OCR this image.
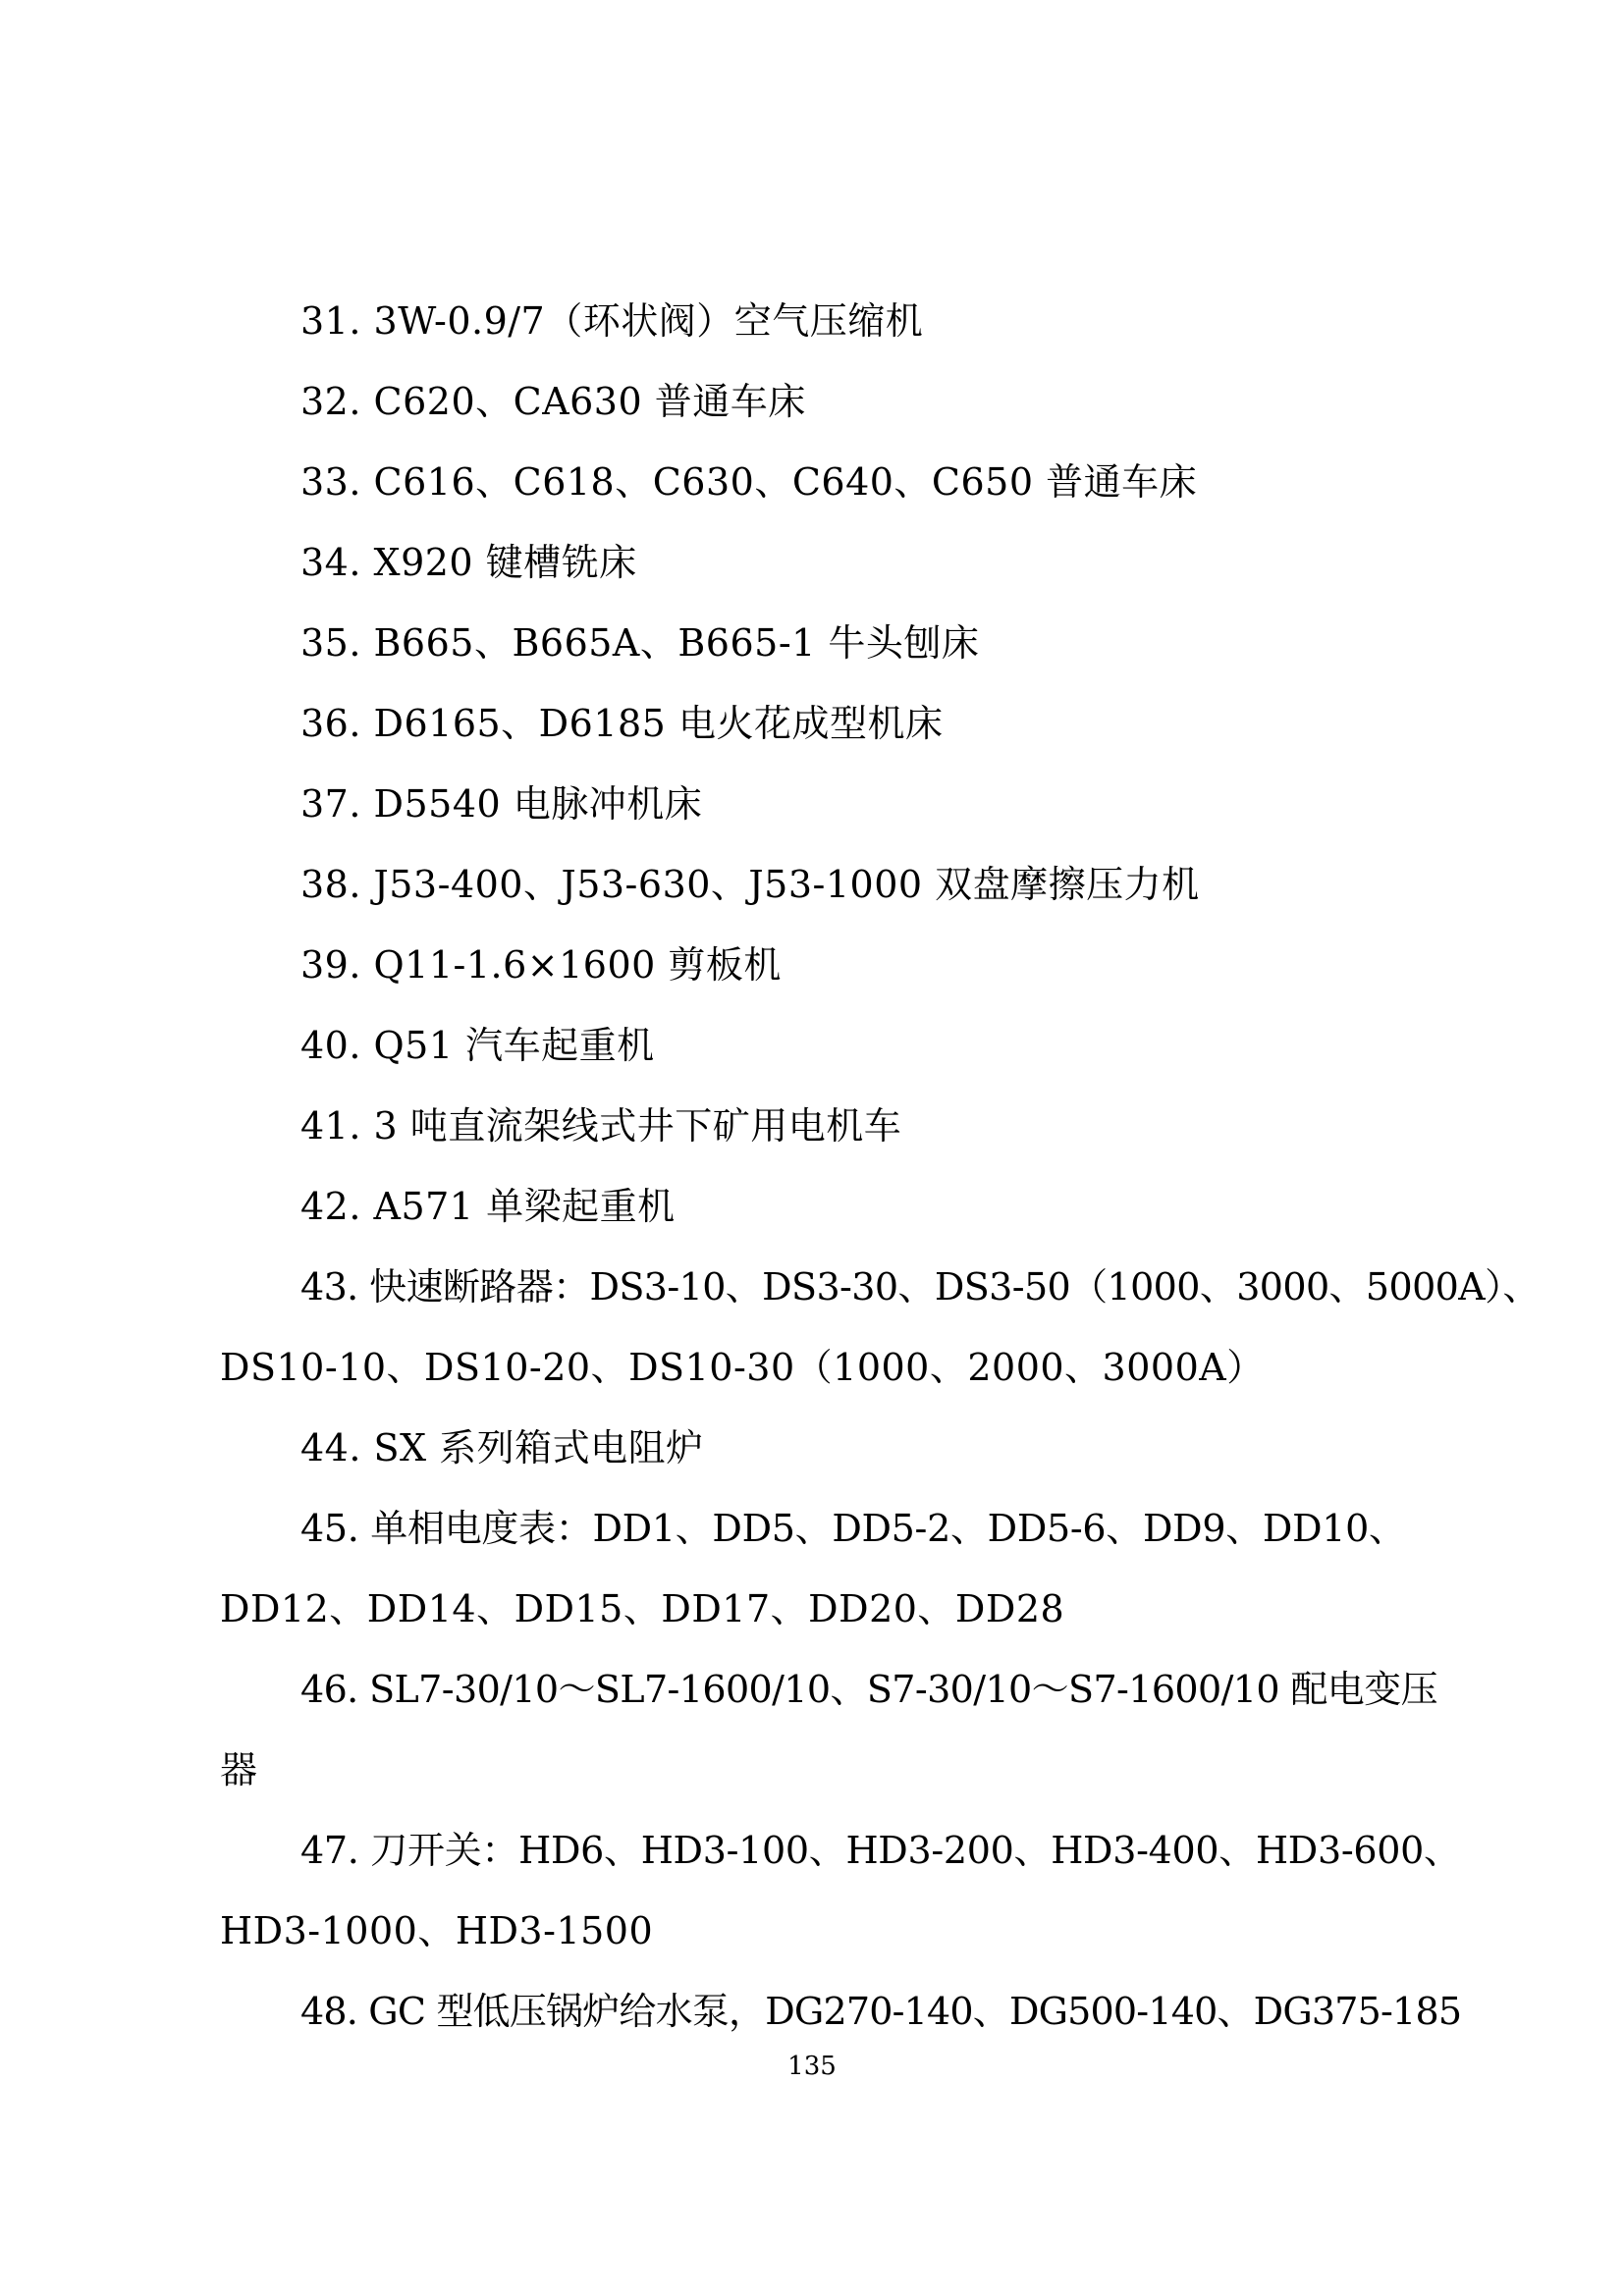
31. 3W-0.9/7（环状阀）空气压缩机
32. C620、CA630 普通车床
33. C616、C618、C630、C640、C650 普通车床
34. X920 键槽铣床
35. B665、B665A、B665-1 牛头刨床
36. D6165、D6185 电火花成型机床
37. D5540 电脉冲机床
38. J53-400、J53-630、J53-1000 双盘摩擦压力机
39. Q11-1.6×1600 剪板机
40. Q51 汽车起重机
41. 3 吨直流架线式井下矿用电机车
42. A571 单梁起重机
43. 快速断路器：DS3-10、DS3-30、DS3-50（1000、3000、5000A）、
DS10-10、DS10-20、DS10-30（1000、2000、3000A）
44. SX 系列箱式电阻炉
45. 单相电度表：DD1、DD5、DD5-2、DD5-6、DD9、DD10、
DD12、DD14、DD15、DD17、DD20、DD28
46. SL7-30/10～SL7-1600/10、S7-30/10～S7-1600/10 配电变压
器
47. 刀开关：HD6、HD3-100、HD3-200、HD3-400、HD3-600、
HD3-1000、HD3-1500
48. GC 型低压锅炉给水泵，DG270-140、DG500-140、DG375-185
135
